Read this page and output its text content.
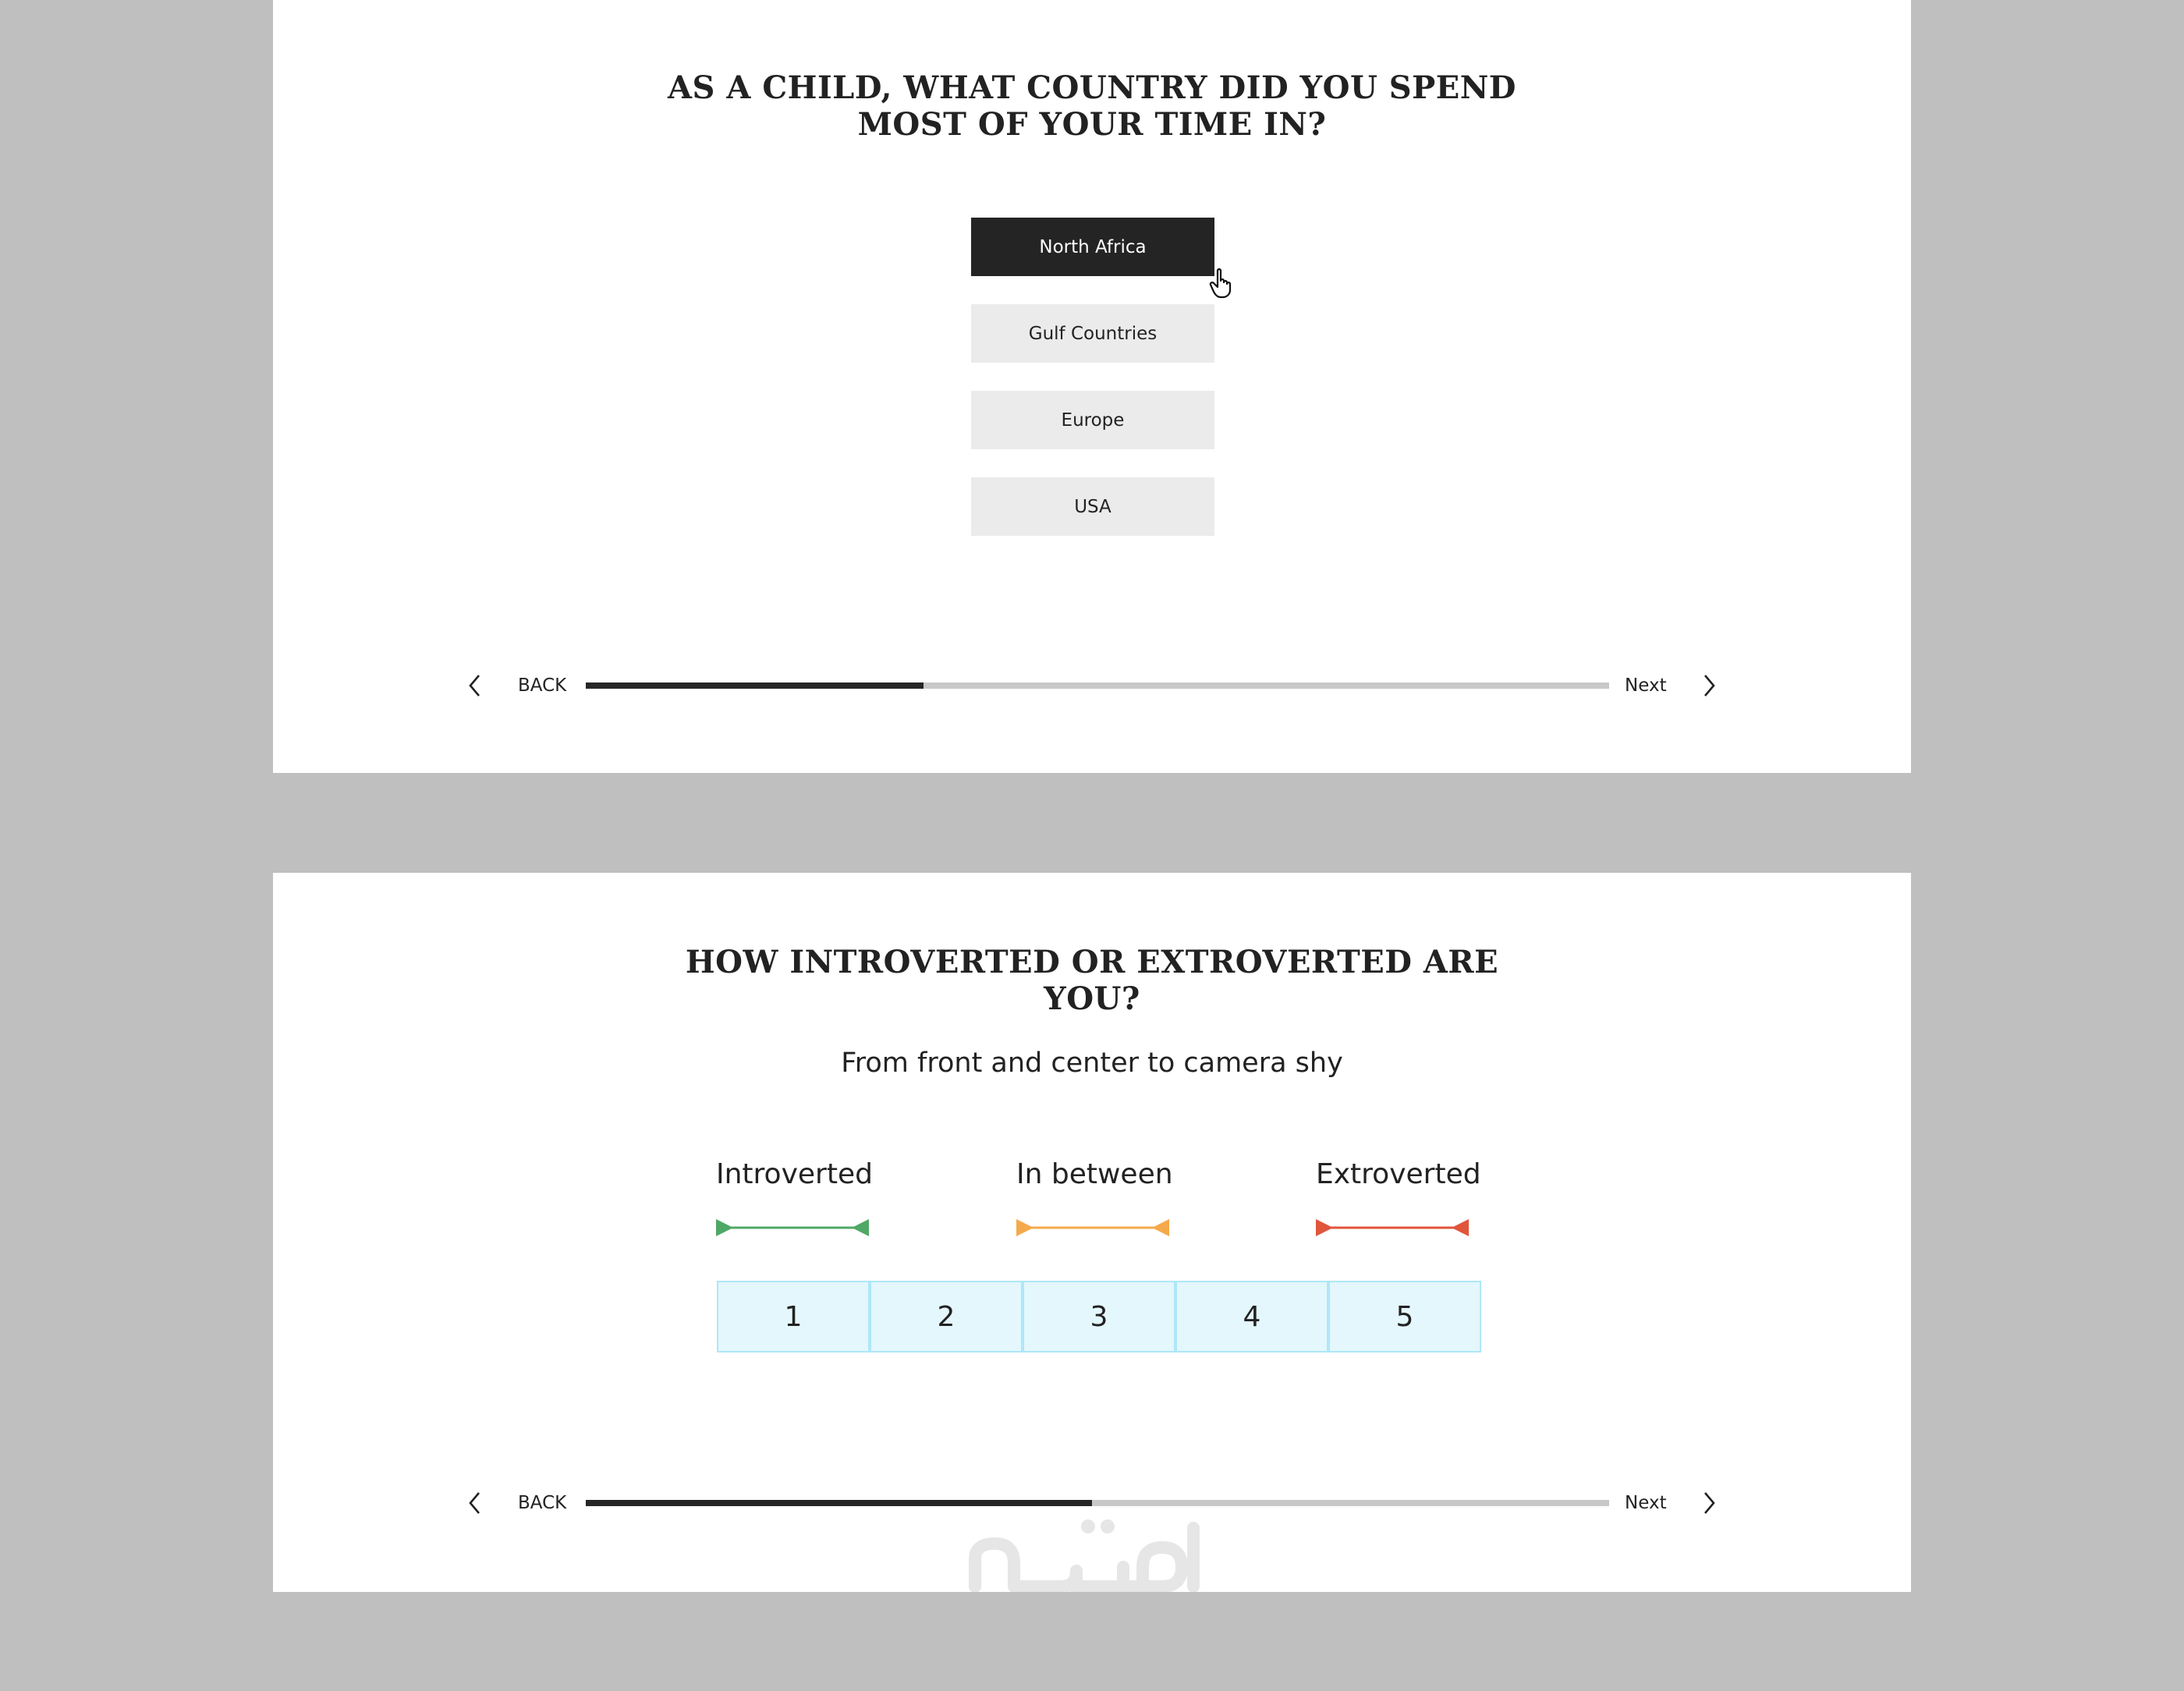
AS A CHILD, WHAT COUNTRY DID YOU SPEND
MOST OF YOUR TIME IN?
North Africa
Gulf Countries
Europe
USA
BACK	Next
HOW INTROVERTED OR EXTROVERTED ARE
YOU?
From front and center to camera shy
Introverted	In between	Extroverted
1	2	3	4	5
BACK	Next
